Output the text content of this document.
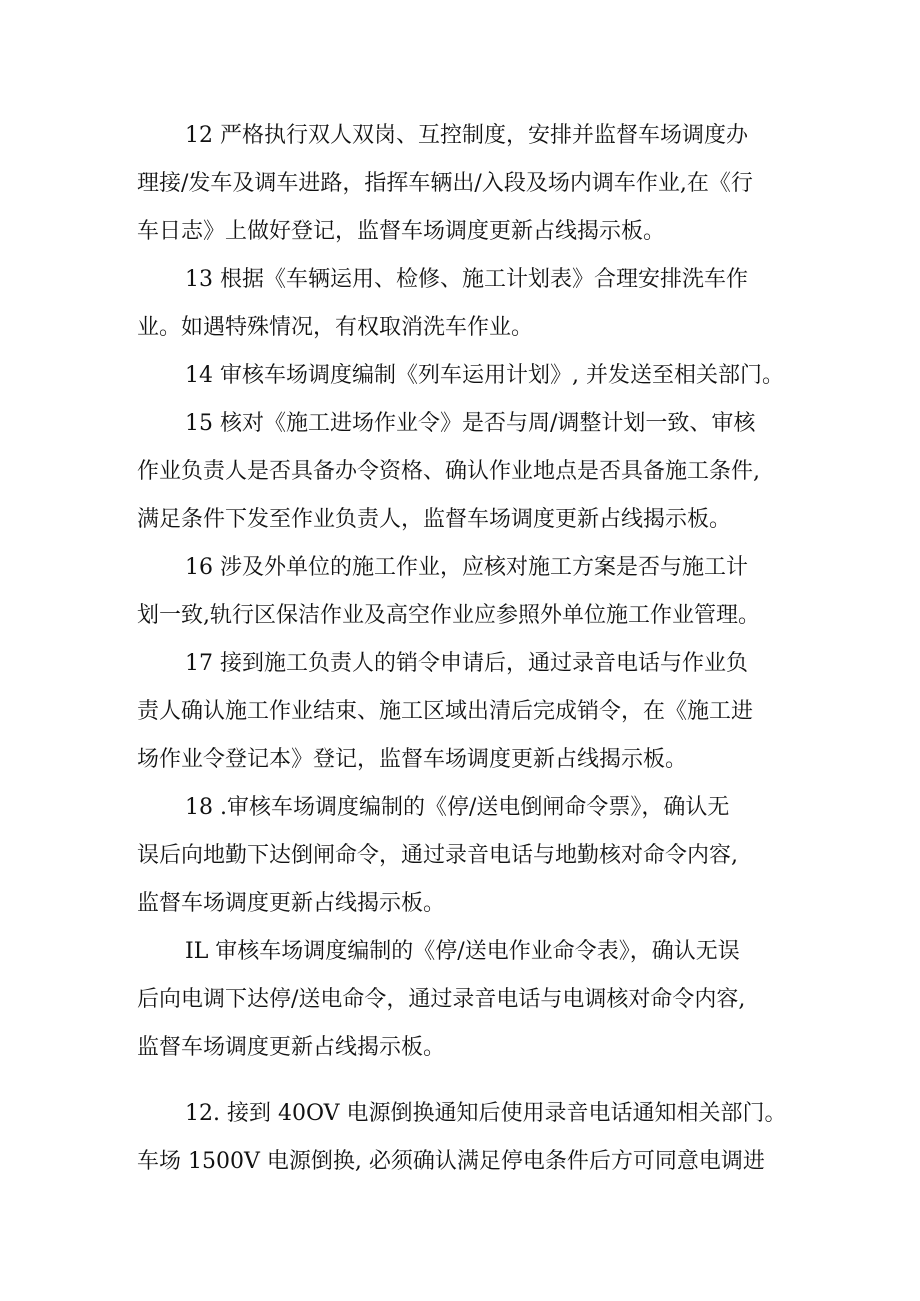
12 严格执行双人双岗、互控制度，安排并监督车场调度办
理接/发车及调车进路，指挥车辆出/入段及场内调车作业,在《行
车日志》上做好登记，监督车场调度更新占线揭示板。

13 根据《车辆运用、检修、施工计划表》合理安排洗车作
业。如遇特殊情况，有权取消洗车作业。

14 审核车场调度编制《列车运用计划》, 并发送至相关部门。

15 核对《施工进场作业令》是否与周/调整计划一致、审核
作业负责人是否具备办令资格、确认作业地点是否具备施工条件,
满足条件下发至作业负责人，监督车场调度更新占线揭示板。

16 涉及外单位的施工作业，应核对施工方案是否与施工计
划一致,轨行区保洁作业及高空作业应参照外单位施工作业管理。

17 接到施工负责人的销令申请后，通过录音电话与作业负
责人确认施工作业结束、施工区域出清后完成销令，在《施工进
场作业令登记本》登记，监督车场调度更新占线揭示板。

18 .审核车场调度编制的《停/送电倒闸命令票》，确认无
误后向地勤下达倒闸命令，通过录音电话与地勤核对命令内容,
监督车场调度更新占线揭示板。

IL 审核车场调度编制的《停/送电作业命令表》，确认无误
后向电调下达停/送电命令，通过录音电话与电调核对命令内容,
监督车场调度更新占线揭示板。

12. 接到 40OV 电源倒换通知后使用录音电话通知相关部门。
车场 1500V 电源倒换, 必须确认满足停电条件后方可同意电调进
